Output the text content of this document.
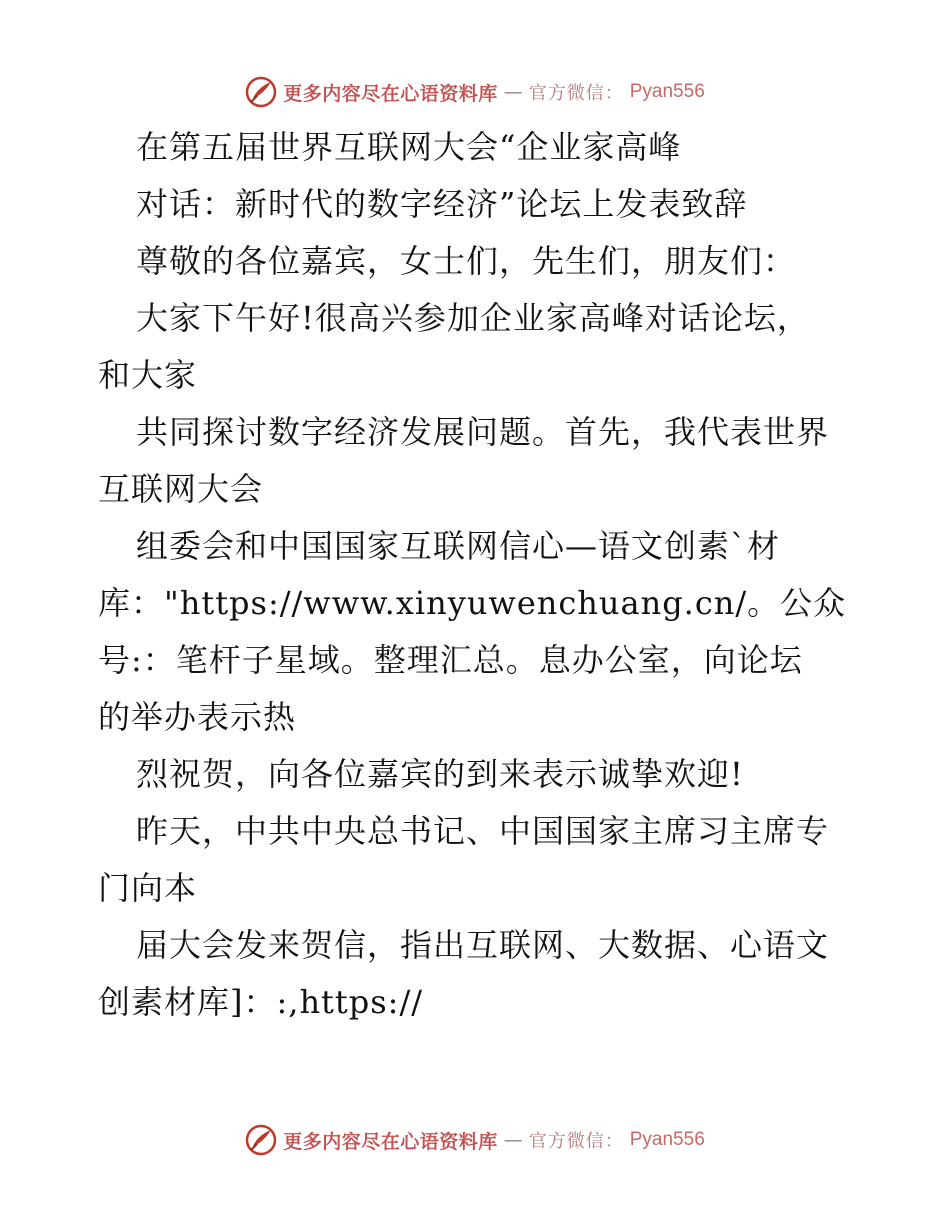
更多内容尽在心语资料库 — 官方微信： Pyan556
在第五届世界互联网大会“企业家高峰
对话：新时代的数字经济”论坛上发表致辞
尊敬的各位嘉宾，女士们，先生们，朋友们：
大家下午好!很高兴参加企业家高峰对话论坛，
和大家
共同探讨数字经济发展问题。首先，我代表世界
互联网大会
组委会和中国国家互联网信心—语文创素`材
库："https://www.xinyuwenchuang.cn/。公众
号:：笔杆子星域。整理汇总。息办公室，向论坛
的举办表示热
烈祝贺，向各位嘉宾的到来表示诚挚欢迎!
昨天，中共中央总书记、中国国家主席习主席专
门向本
届大会发来贺信，指出互联网、大数据、心语文
创素材库]：:,https://
更多内容尽在心语资料库 — 官方微信： Pyan556
